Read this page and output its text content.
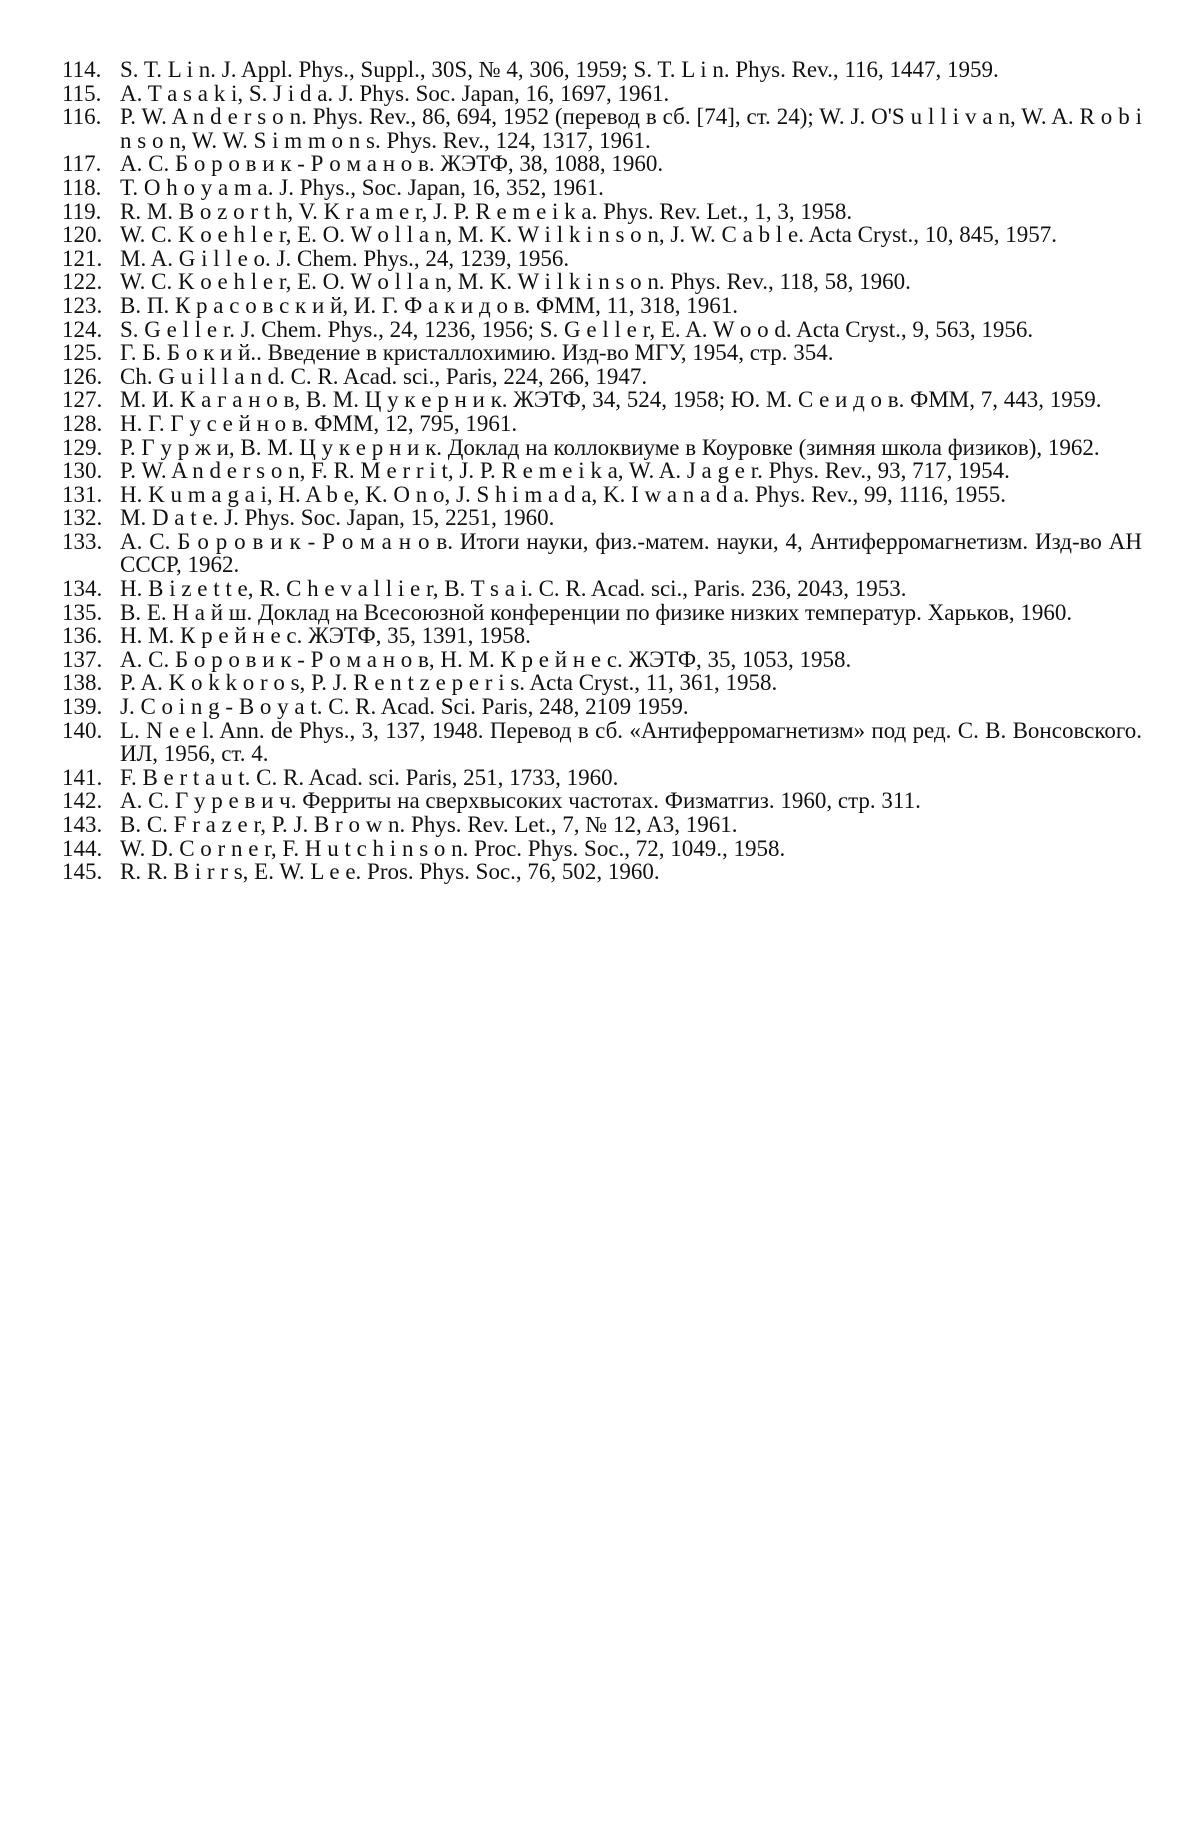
114. S. T. L i n. J. Appl. Phys., Suppl., 30S, № 4, 306, 1959; S. T. L i n. Phys. Rev., 116, 1447, 1959.
115. A. T a s a k i, S. J i d a. J. Phys. Soc. Japan, 16, 1697, 1961.
116. P. W. A n d e r s o n. Phys. Rev., 86, 694, 1952 (перевод в сб. [74], ст. 24); W. J. O'S u l l i v a n, W. A. R o b i n s o n, W. W. S i m m o n s. Phys. Rev., 124, 1317, 1961.
117. А. С. Б о р о в и к - Р о м а н о в. ЖЭТФ, 38, 1088, 1960.
118. T. O h o y a m a. J. Phys., Soc. Japan, 16, 352, 1961.
119. R. M. B o z o r t h, V. K r a m e r, J. P. R e m e i k a. Phys. Rev. Let., 1, 3, 1958.
120. W. C. K o e h l e r, E. O. W o l l a n, M. K. W i l k i n s o n, J. W. C a b l e. Acta Cryst., 10, 845, 1957.
121. M. A. G i l l e o. J. Chem. Phys., 24, 1239, 1956.
122. W. C. K o e h l e r, E. O. W o l l a n, M. K. W i l k i n s o n. Phys. Rev., 118, 58, 1960.
123. В. П. К р а с о в с к и й, И. Г. Ф а к и д о в. ФММ, 11, 318, 1961.
124. S. G e l l e r. J. Chem. Phys., 24, 1236, 1956; S. G e l l e r, E. A. W o o d. Acta Cryst., 9, 563, 1956.
125. Г. Б. Б о к и й.. Введение в кристаллохимию. Изд-во МГУ, 1954, стр. 354.
126. Ch. G u i l l a n d. C. R. Acad. sci., Paris, 224, 266, 1947.
127. М. И. К а г а н о в, В. М. Ц у к е р н и к. ЖЭТФ, 34, 524, 1958; Ю. М. С е и д о в. ФММ, 7, 443, 1959.
128. Н. Г. Г у с е й н о в. ФММ, 12, 795, 1961.
129. Р. Г у р ж и, В. М. Ц у к е р н и к. Доклад на коллоквиуме в Коуровке (зимняя школа физиков), 1962.
130. P. W. A n d e r s o n, F. R. M e r r i t, J. P. R e m e i k a, W. A. J a g e r. Phys. Rev., 93, 717, 1954.
131. H. K u m a g a i, H. A b e, K. O n o, J. S h i m a d a, K. I w a n a d a. Phys. Rev., 99, 1116, 1955.
132. M. D a t e. J. Phys. Soc. Japan, 15, 2251, 1960.
133. А. С. Б о р о в и к - Р о м а н о в. Итоги науки, физ.-матем. науки, 4, Антиферромагнетизм. Изд-во АН СССР, 1962.
134. H. B i z e t t e, R. C h e v a l l i e r, B. T s a i. C. R. Acad. sci., Paris. 236, 2043, 1953.
135. В. Е. Н а й ш. Доклад на Всесоюзной конференции по физике низких температур. Харьков, 1960.
136. Н. М. К р е й н е с. ЖЭТФ, 35, 1391, 1958.
137. А. С. Б о р о в и к - Р о м а н о в, Н. М. К р е й н е с. ЖЭТФ, 35, 1053, 1958.
138. P. A. K o k k o r o s, P. J. R e n t z e p e r i s. Acta Cryst., 11, 361, 1958.
139. J. C o i n g - B o y a t. C. R. Acad. Sci. Paris, 248, 2109 1959.
140. L. N e e l. Ann. de Phys., 3, 137, 1948. Перевод в сб. «Антиферромагнетизм» под ред. С. В. Вонсовского. ИЛ, 1956, ст. 4.
141. F. B e r t a u t. C. R. Acad. sci. Paris, 251, 1733, 1960.
142. А. С. Г у р е в и ч. Ферриты на сверхвысоких частотах. Физматгиз. 1960, стр. 311.
143. B. C. F r a z e r, P. J. B r o w n. Phys. Rev. Let., 7, № 12, A3, 1961.
144. W. D. C o r n e r, F. H u t c h i n s o n. Proc. Phys. Soc., 72, 1049., 1958.
145. R. R. B i r r s, E. W. L e e. Pros. Phys. Soc., 76, 502, 1960.
